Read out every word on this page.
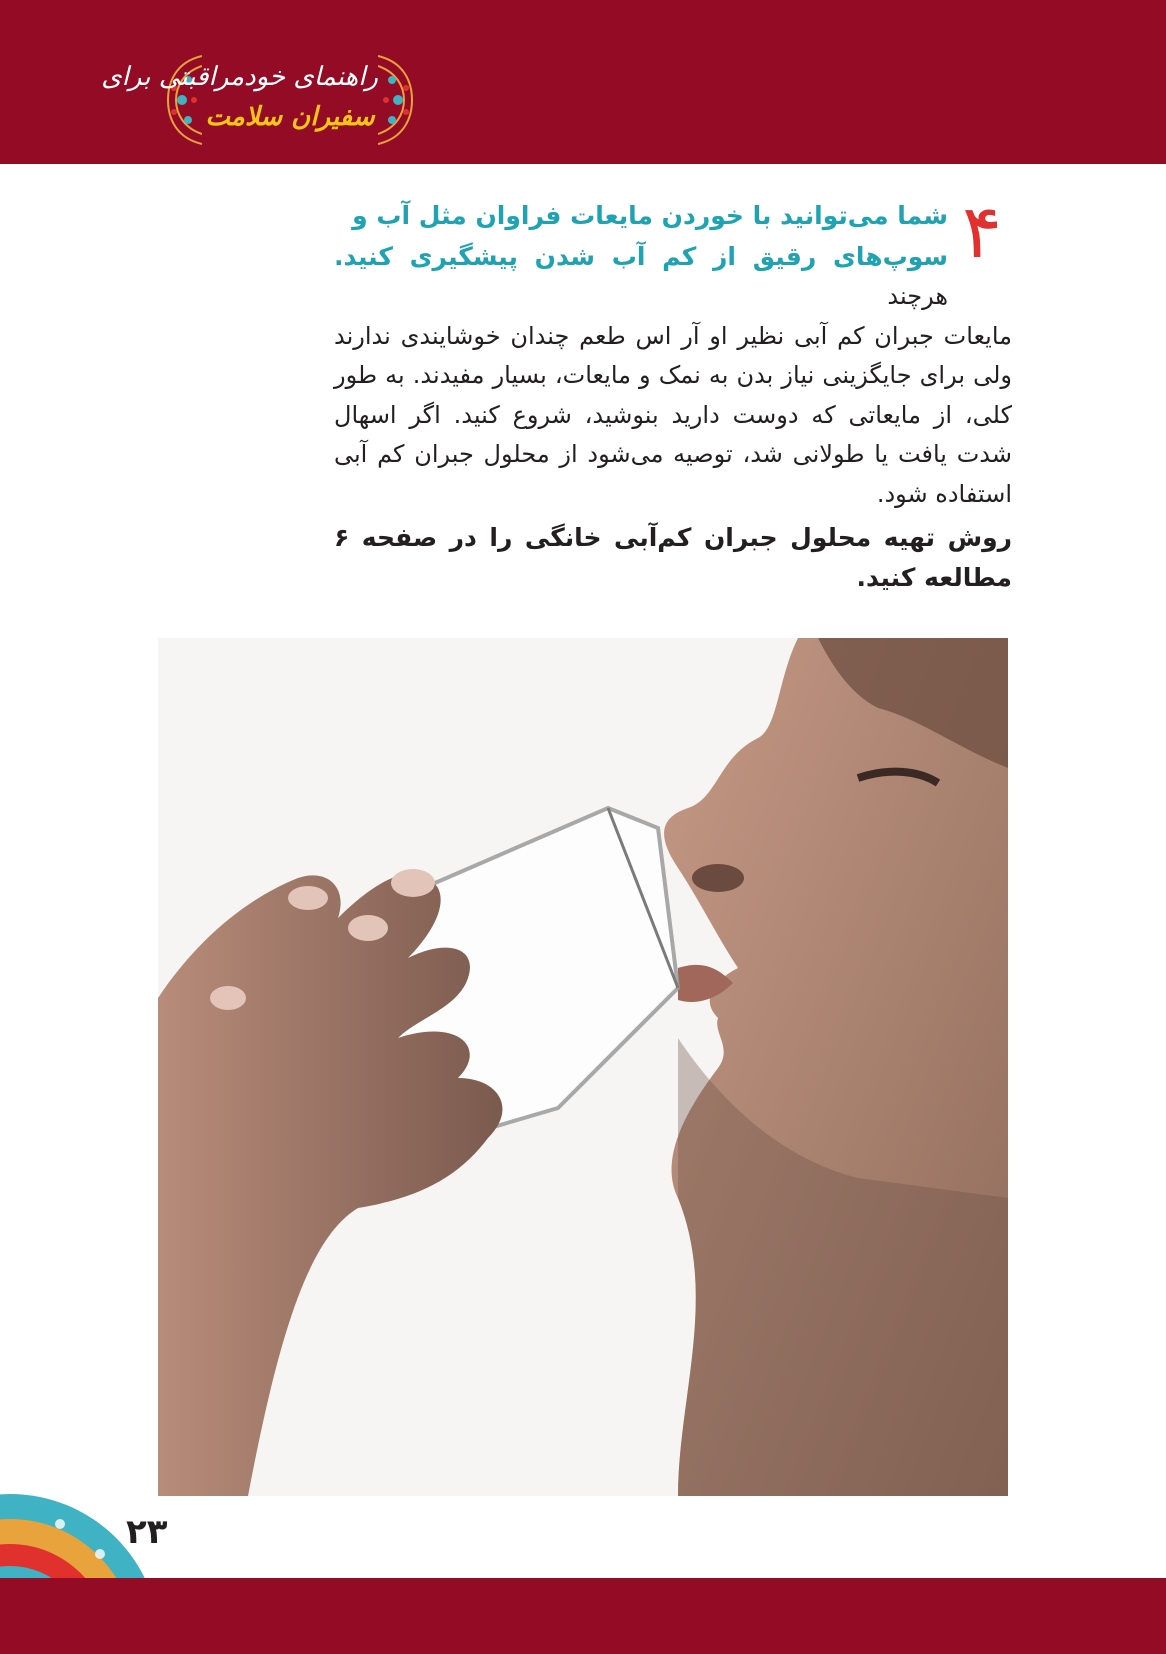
راهنمای خودمراقبتی برای
سفیران سلامت
۴
شما می‌توانید با خوردن مایعات فراوان مثل آب و
سوپ‌های رقیق از کم آب شدن پیشگیری کنید. هرچند
مایعات جبران کم آبی نظیر او آر اس طعم چندان خوشایندی ندارند ولی برای جایگزینی نیاز بدن به نمک و مایعات، بسیار مفیدند. به طور کلی، از مایعاتی که دوست دارید بنوشید، شروع کنید. اگر اسهال شدت یافت یا طولانی شد، توصیه می‌شود از محلول جبران کم آبی استفاده شود.
روش تهیه محلول جبران کم‌آبی خانگی را در صفحه ۶ مطالعه کنید.
۲۳
